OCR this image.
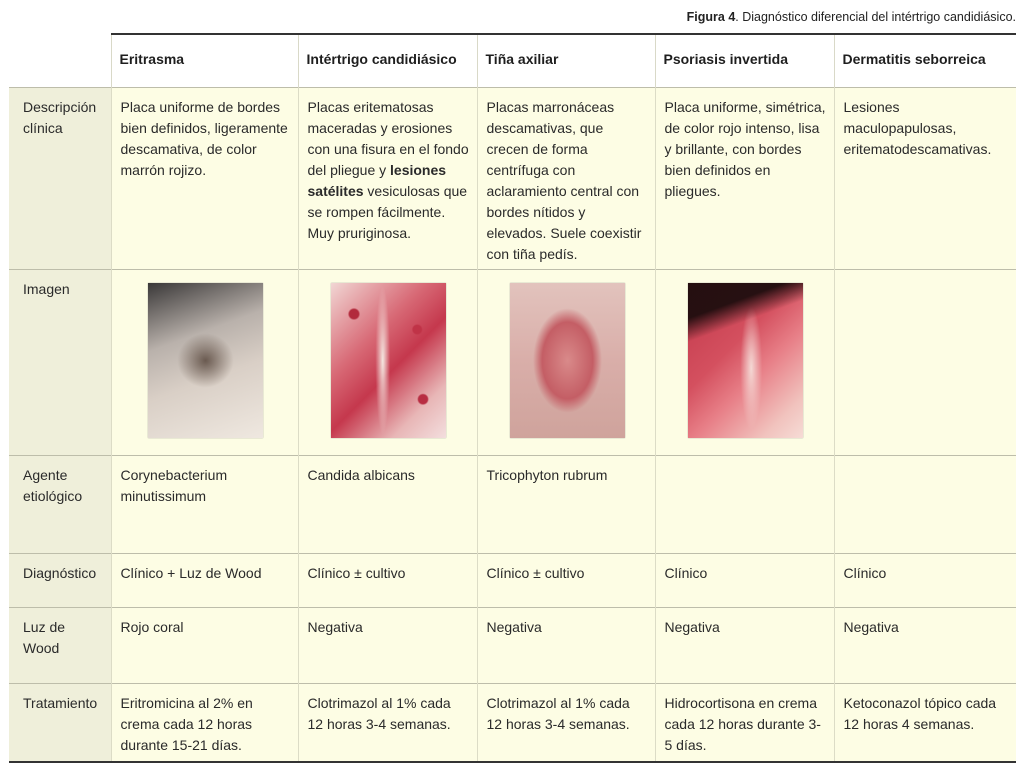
Figura 4. Diagnóstico diferencial del intértrigo candidiásico.
	Eritrasma	Intértrigo candidiásico	Tiña axiliar	Psoriasis invertida	Dermatitis seborreica
Descripción clínica	Placa uniforme de bordes bien definidos, ligeramente descamativa, de color marrón rojizo.	Placas eritematosas maceradas y erosiones con una fisura en el fondo del pliegue y lesiones satélites vesiculosas que se rompen fácilmente. Muy pruriginosa.	Placas marronáceas descamativas, que crecen de forma centrífuga con aclaramiento central con bordes nítidos y elevados. Suele coexistir con tiña pedís.	Placa uniforme, simétrica, de color rojo intenso, lisa y brillante, con bordes bien definidos en pliegues.	Lesiones maculopapulosas, eritematodescamativas.
Imagen	

Agente etiológico	Corynebacterium minutissimum	Candida albicans	Tricophyton rubrum		
Diagnóstico	Clínico + Luz de Wood	Clínico ± cultivo	Clínico ± cultivo	Clínico	Clínico
Luz de Wood	Rojo coral	Negativa	Negativa	Negativa	Negativa
Tratamiento	Eritromicina al 2% en crema cada 12 horas durante 15-21 días.	Clotrimazol al 1% cada 12 horas 3-4 semanas.	Clotrimazol al 1% cada 12 horas 3-4 semanas.	Hidrocortisona en crema cada 12 horas durante 3-5 días.	Ketoconazol tópico cada 12 horas 4 semanas.
